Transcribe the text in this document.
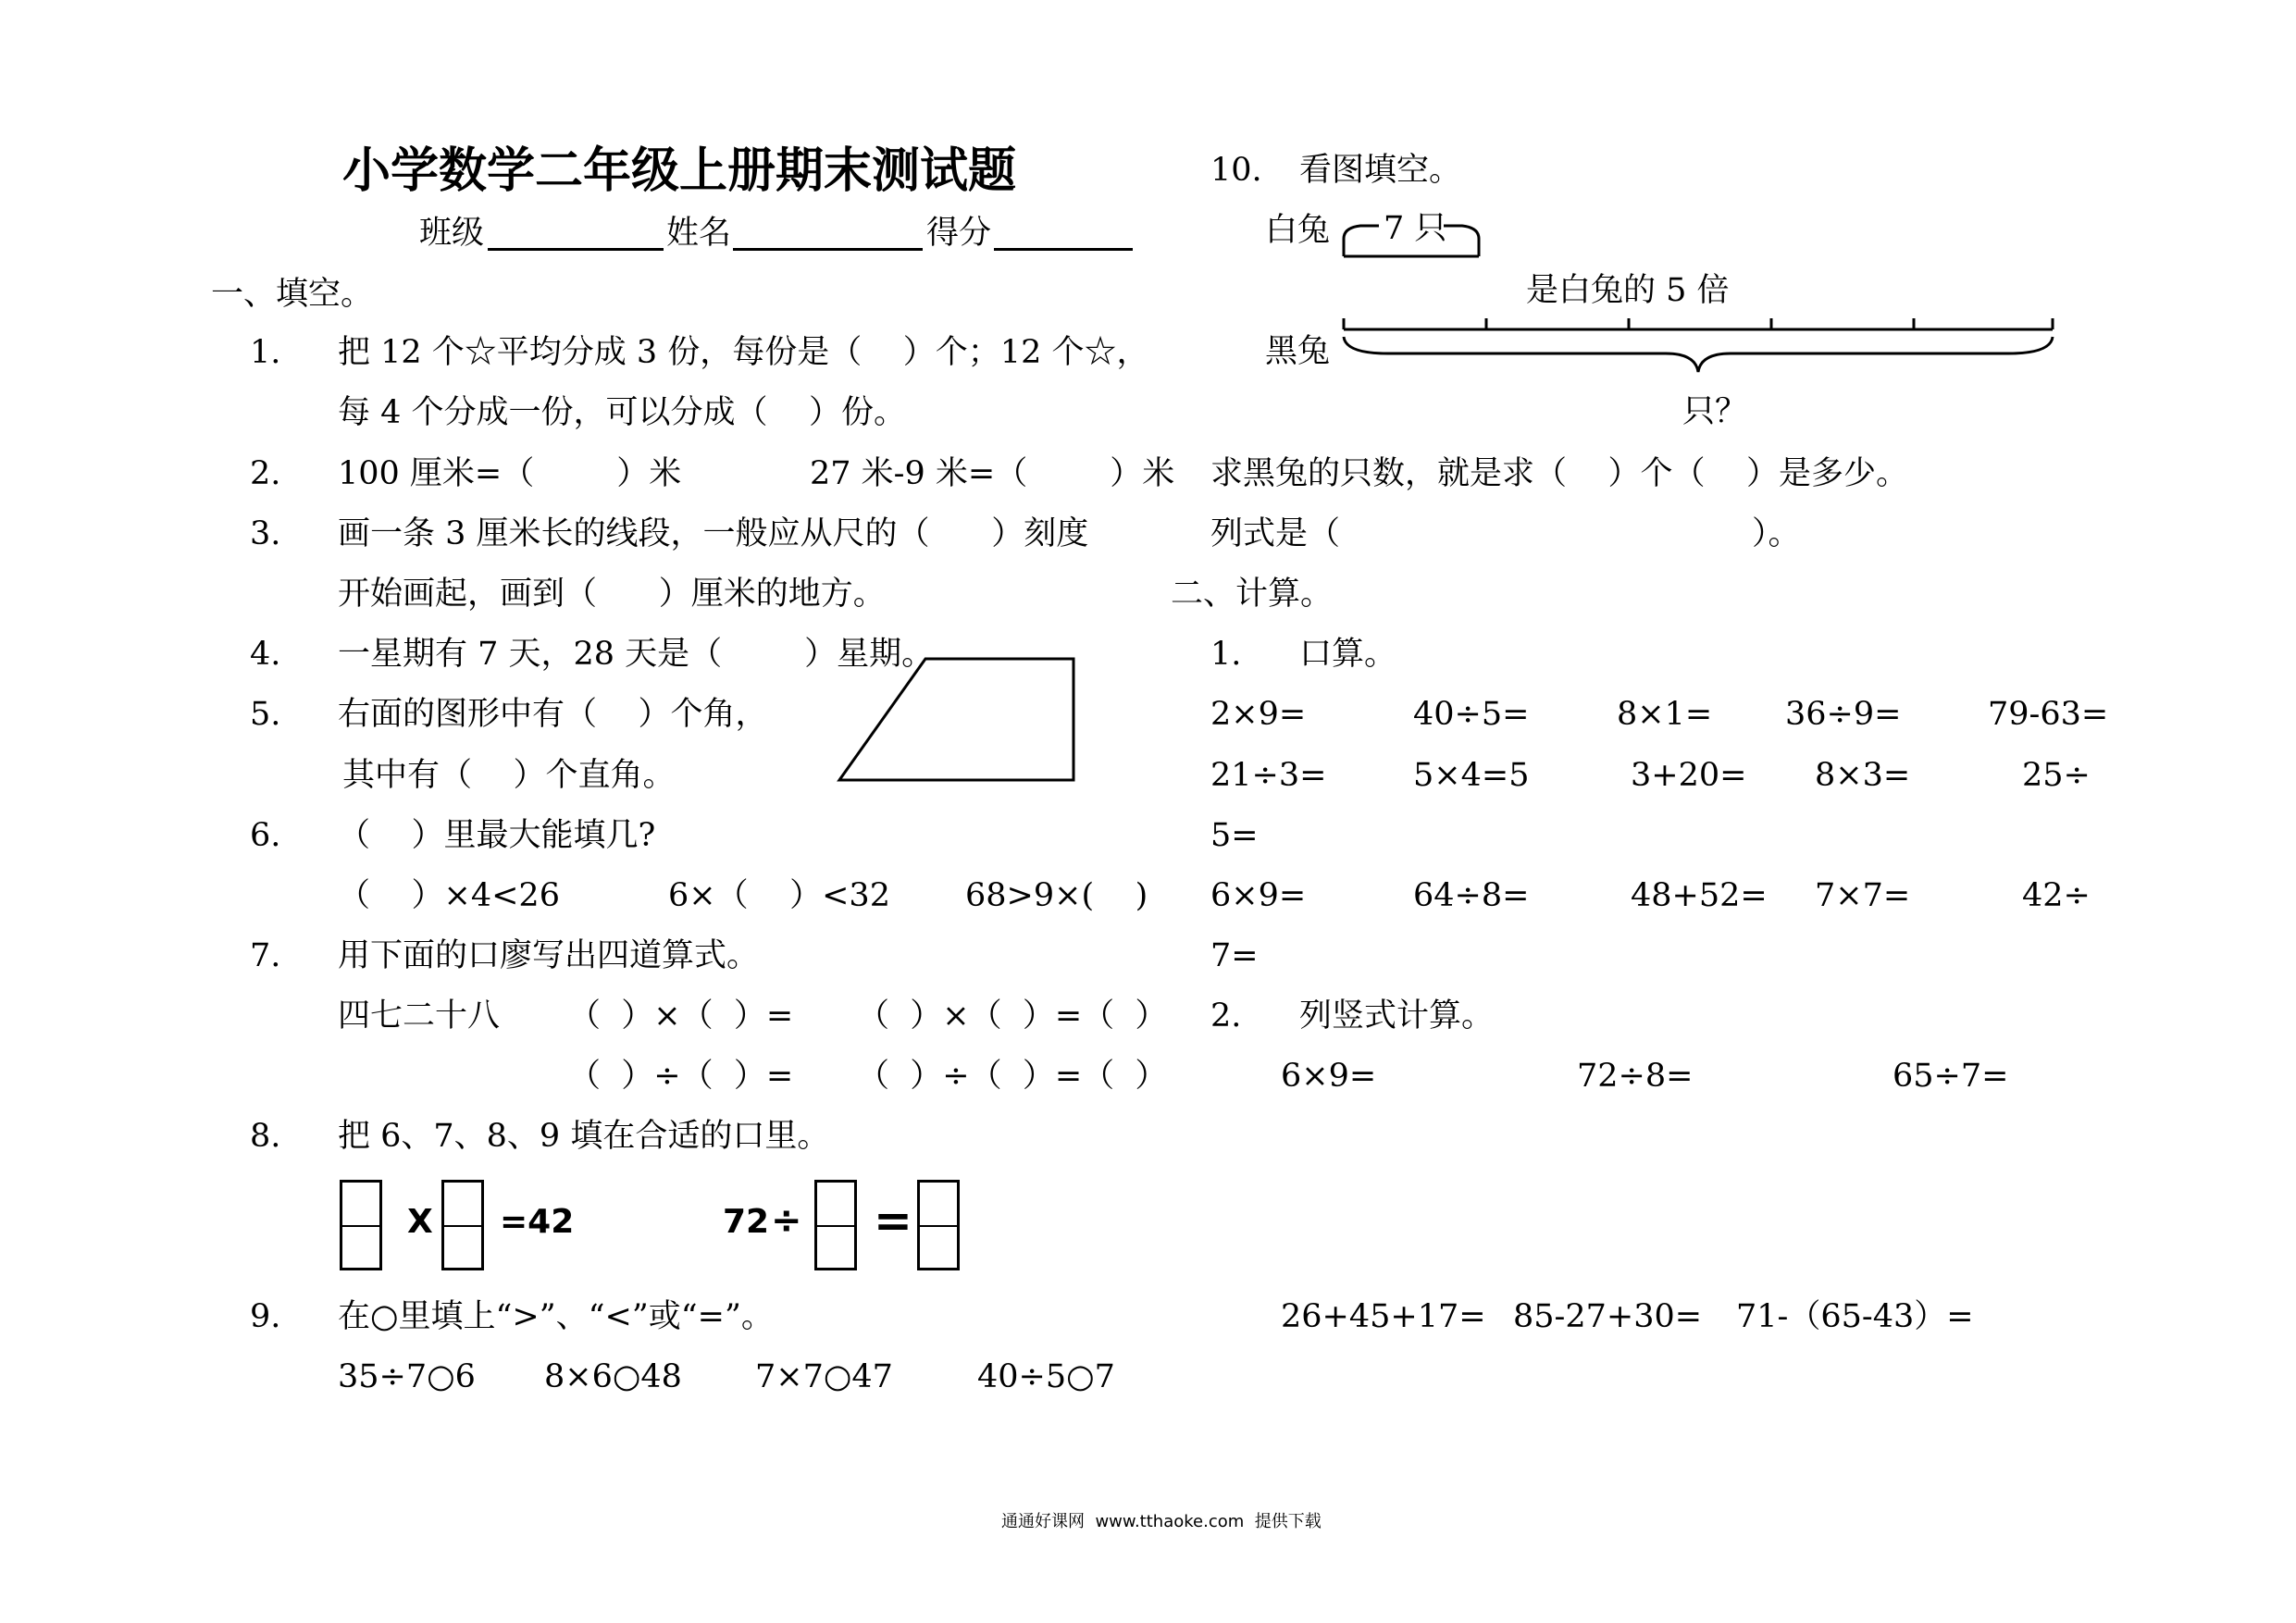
小学数学二年级上册期末测试题
班级	姓名	得分
一、填空。
1. 把 12 个☆平均分成 3 份，每份是（    ）个；12 个☆，
每 4 个分成一份，可以分成（    ）份。
2. 100 厘米=（        ）米	27 米-9 米=（        ）米
3. 画一条 3 厘米长的线段，一般应从尺的（      ）刻度
开始画起，画到（      ）厘米的地方。
4. 一星期有 7 天，28 天是（        ）星期。
5. 右面的图形中有（    ）个角，
其中有（    ）个直角。
6. （    ）里最大能填几?
（    ）×4<26	6×（    ）<32 68>9×(    )
7. 用下面的口廖写出四道算式。
四七二十八 （  ）×（  ）= （  ）×（  ）=（  ）
（  ）÷（  ）= （  ）÷（  ）=（  ）
8. 把 6、7、8、9 填在合适的口里。
X =42	72 ÷ =
9. 在○里填上“>”、“<”或“=”。
35÷7○6 8×6○48 7×7○47	40÷5○7
10. 看图填空。
白兔 7 只
是白兔的 5 倍
黑兔
只？
求黑兔的只数，就是求（    ）个（    ）是多少。
列式是（	）。
二、计算。
1. 口算。
2×9=	40÷5=	8×1= 36÷9=	79-63=
21÷3=	5×4=5	3+20= 8×3=	25÷
5=
6×9=	64÷8=	48+52= 7×7=	42÷
7=
2. 列竖式计算。
6×9=	72÷8=	65÷7=
26+45+17= 85-27+30= 71-（65-43）=
通通好课网  www.tthaoke.com  提供下载
